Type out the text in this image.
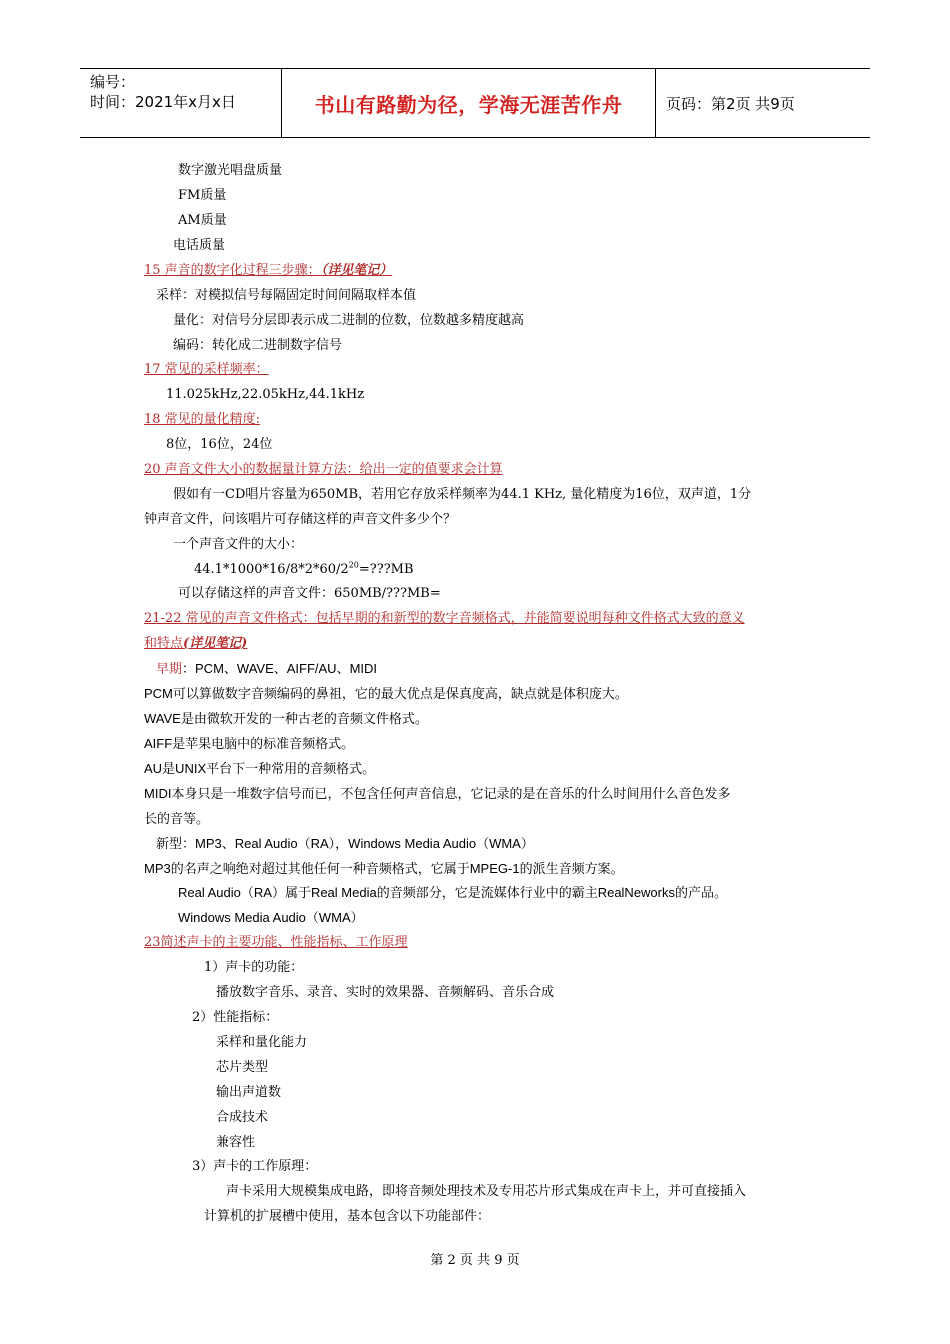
编号：
时间：2021年x月x日	书山有路勤为径，学海无涯苦作舟	页码：第2页 共9页
数字激光唱盘质量
FM质量
AM质量
电话质量
15 声音的数字化过程三步骤：（详见笔记）
采样：对模拟信号每隔固定时间间隔取样本值
量化：对信号分层即表示成二进制的位数，位数越多精度越高
编码：转化成二进制数字信号
17 常见的采样频率：
11.025kHz,22.05kHz,44.1kHz
18 常见的量化精度:
8位，16位，24位
20 声音文件大小的数据量计算方法：给出一定的值要求会计算
假如有一CD唱片容量为650MB，若用它存放采样频率为44.1 KHz, 量化精度为16位，双声道，1分
钟声音文件，问该唱片可存储这样的声音文件多少个？
一个声音文件的大小：
$44.1*1000*16/8*2*60/2^{20}=???MB$
可以存储这样的声音文件：650MB/???MB=
21-22 常见的声音文件格式：包括早期的和新型的数字音频格式，并能简要说明每种文件格式大致的意义
和特点(详见笔记)
早期：PCM、WAVE、AIFF/AU、MIDI
PCM可以算做数字音频编码的鼻祖，它的最大优点是保真度高，缺点就是体积庞大。
WAVE是由微软开发的一种古老的音频文件格式。
AIFF是苹果电脑中的标准音频格式。
AU是UNIX平台下一种常用的音频格式。
MIDI本身只是一堆数字信号而已，不包含任何声音信息，它记录的是在音乐的什么时间用什么音色发多
长的音等。
新型：MP3、Real Audio（RA），Windows Media Audio（WMA）
MP3的名声之响绝对超过其他任何一种音频格式，它属于MPEG-1的派生音频方案。
Real Audio（RA）属于Real Media的音频部分，它是流媒体行业中的霸主RealNeworks的产品。
Windows Media Audio（WMA）
23简述声卡的主要功能、性能指标、工作原理
1）声卡的功能：
播放数字音乐、录音、实时的效果器、音频解码、音乐合成
2）性能指标：
采样和量化能力
芯片类型
输出声道数
合成技术
兼容性
3）声卡的工作原理：
声卡采用大规模集成电路，即将音频处理技术及专用芯片形式集成在声卡上，并可直接插入
计算机的扩展槽中使用，基本包含以下功能部件：
第 2 页 共 9 页
